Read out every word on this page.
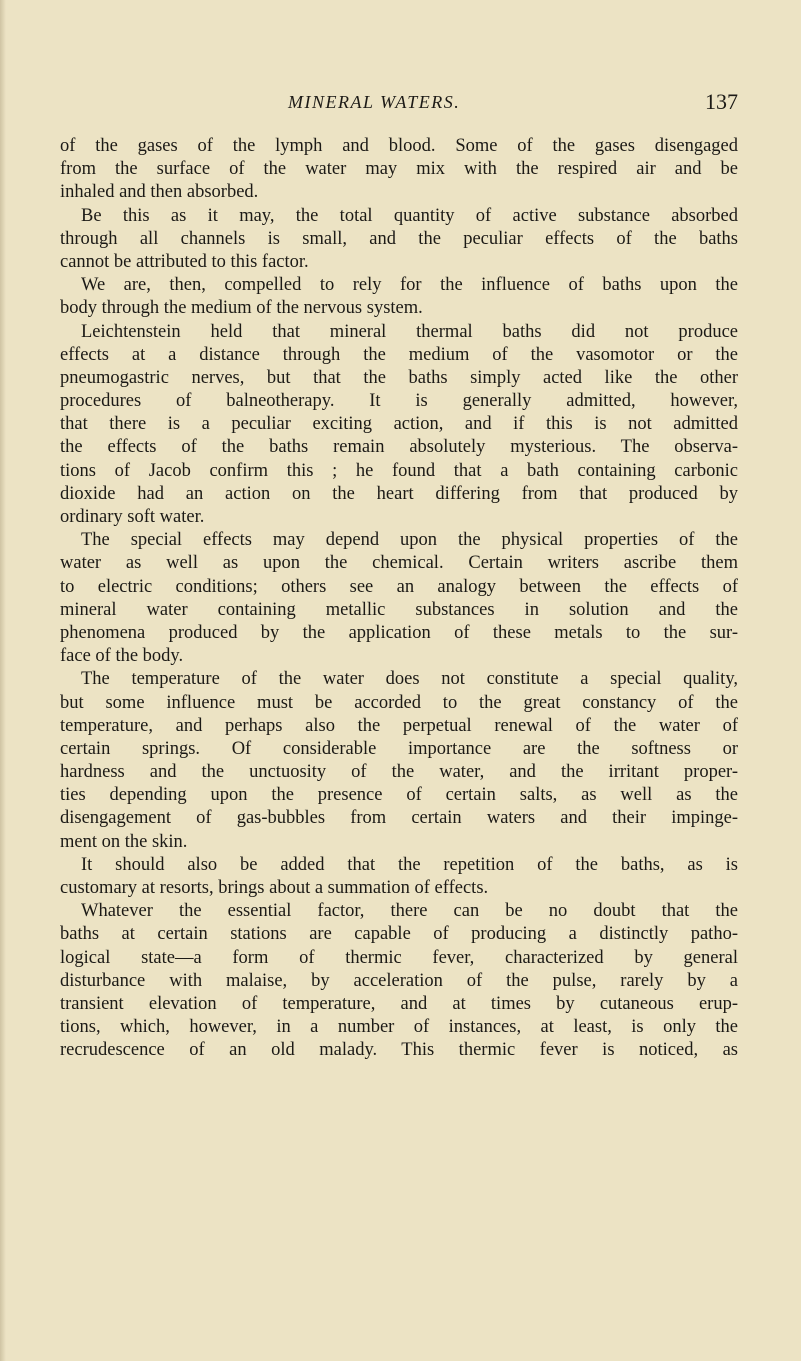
MINERAL WATERS.	137
of the gases of the lymph and blood. Some of the gases disengaged
from the surface of the water may mix with the respired air and be
inhaled and then absorbed.
Be this as it may, the total quantity of active substance absorbed
through all channels is small, and the peculiar effects of the baths
cannot be attributed to this factor.
We are, then, compelled to rely for the influence of baths upon the
body through the medium of the nervous system.
Leichtenstein held that mineral thermal baths did not produce
effects at a distance through the medium of the vasomotor or the
pneumogastric nerves, but that the baths simply acted like the other
procedures of balneotherapy. It is generally admitted, however,
that there is a peculiar exciting action, and if this is not admitted
the effects of the baths remain absolutely mysterious. The observa-
tions of Jacob confirm this ; he found that a bath containing carbonic
dioxide had an action on the heart differing from that produced by
ordinary soft water.
The special effects may depend upon the physical properties of the
water as well as upon the chemical. Certain writers ascribe them
to electric conditions; others see an analogy between the effects of
mineral water containing metallic substances in solution and the
phenomena produced by the application of these metals to the sur-
face of the body.
The temperature of the water does not constitute a special quality,
but some influence must be accorded to the great constancy of the
temperature, and perhaps also the perpetual renewal of the water of
certain springs. Of considerable importance are the softness or
hardness and the unctuosity of the water, and the irritant proper-
ties depending upon the presence of certain salts, as well as the
disengagement of gas-bubbles from certain waters and their impinge-
ment on the skin.
It should also be added that the repetition of the baths, as is
customary at resorts, brings about a summation of effects.
Whatever the essential factor, there can be no doubt that the
baths at certain stations are capable of producing a distinctly patho-
logical state—a form of thermic fever, characterized by general
disturbance with malaise, by acceleration of the pulse, rarely by a
transient elevation of temperature, and at times by cutaneous erup-
tions, which, however, in a number of instances, at least, is only the
recrudescence of an old malady. This thermic fever is noticed, as
